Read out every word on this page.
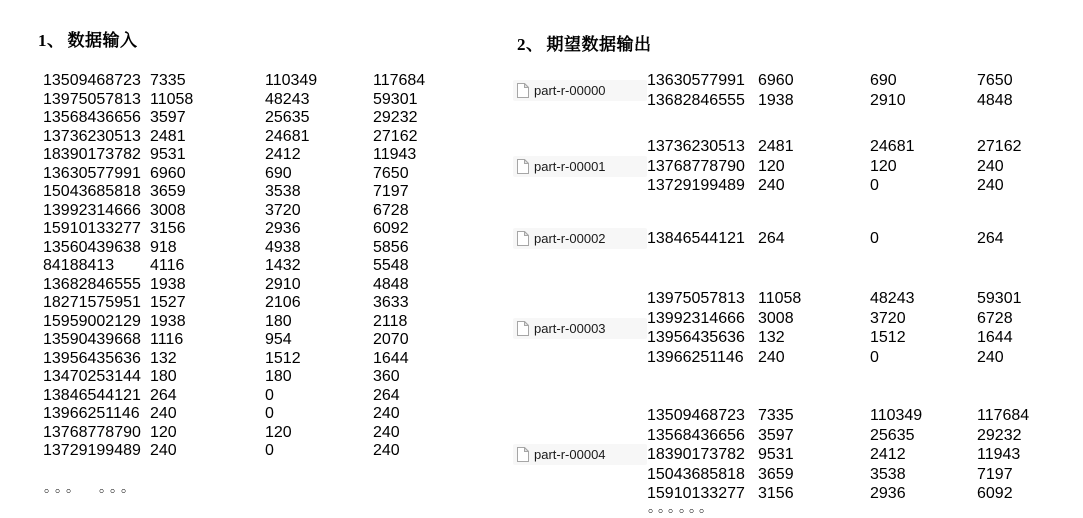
1、 数据输入
13509468723 7335	110349	117684
13975057813 11058	48243	59301
13568436656 3597	25635	29232
13736230513 2481	24681	27162
18390173782 9531	2412	11943
13630577991 6960	690	7650
15043685818 3659	3538	7197
13992314666 3008	3720	6728
15910133277 3156	2936	6092
13560439638 918	4938	5856
84188413	4116	1432	5548
13682846555 1938	2910	4848
18271575951 1527	2106	3633
15959002129 1938	180	2118
13590439668 1116	954	2070
13956435636 132	1512	1644
13470253144 180	180	360
13846544121 264	0	264
13966251146 240	0	240
13768778790 120	120	240
13729199489 240	0	240
。。。 。。。
2、 期望数据输出
part-r-00000
13630577991 6960	690	7650
13682846555 1938	2910	4848
part-r-00001
13736230513 2481	24681	27162
13768778790 120	120	240
13729199489 240	0	240
part-r-00002	13846544121 264	0	264
part-r-00003
13975057813 11058	48243	59301
13992314666 3008	3720	6728
13956435636 132	1512	1644
13966251146 240	0	240
part-r-00004
13509468723 7335	110349	117684
13568436656 3597	25635	29232
18390173782 9531	2412	11943
15043685818 3659	3538	7197
15910133277 3156	2936	6092
。。。。。。
